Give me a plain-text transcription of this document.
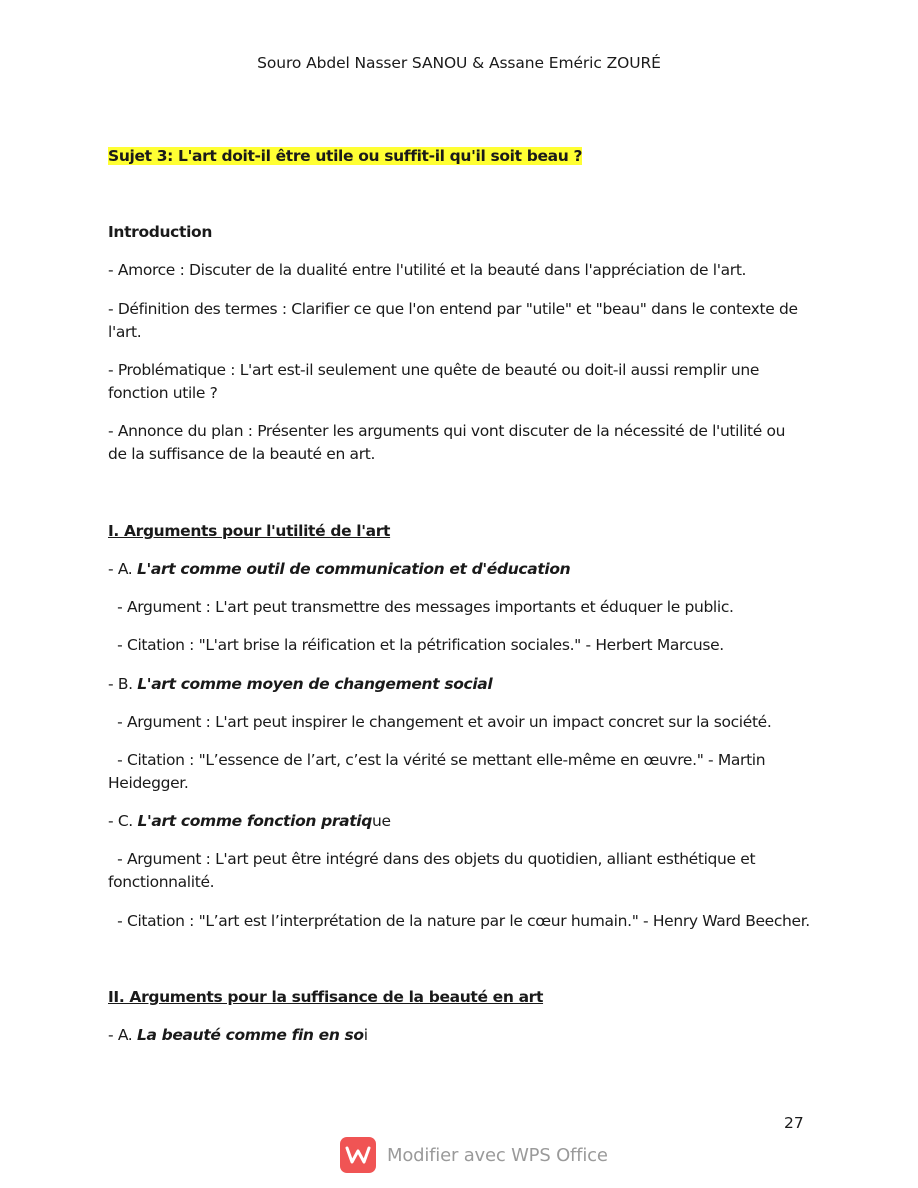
Souro Abdel Nasser SANOU & Assane Eméric ZOURÉ
Sujet 3: L'art doit-il être utile ou suffit-il qu'il soit beau ?
Introduction
- Amorce : Discuter de la dualité entre l'utilité et la beauté dans l'appréciation de l'art.
- Définition des termes : Clarifier ce que l'on entend par "utile" et "beau" dans le contexte de l'art.
- Problématique : L'art est-il seulement une quête de beauté ou doit-il aussi remplir une fonction utile ?
- Annonce du plan : Présenter les arguments qui vont discuter de la nécessité de l'utilité ou de la suffisance de la beauté en art.
I. Arguments pour l'utilité de l'art
- A. L'art comme outil de communication et d'éducation
- Argument : L'art peut transmettre des messages importants et éduquer le public.
- Citation : "L'art brise la réification et la pétrification sociales." - Herbert Marcuse.
- B. L'art comme moyen de changement social
- Argument : L'art peut inspirer le changement et avoir un impact concret sur la société.
- Citation : "L’essence de l’art, c’est la vérité se mettant elle-même en œuvre." - Martin Heidegger.
- C. L'art comme fonction pratique
- Argument : L'art peut être intégré dans des objets du quotidien, alliant esthétique et fonctionnalité.
- Citation : "L’art est l’interprétation de la nature par le cœur humain." - Henry Ward Beecher.
II. Arguments pour la suffisance de la beauté en art
- A. La beauté comme fin en soi
27
Modifier avec WPS Office
